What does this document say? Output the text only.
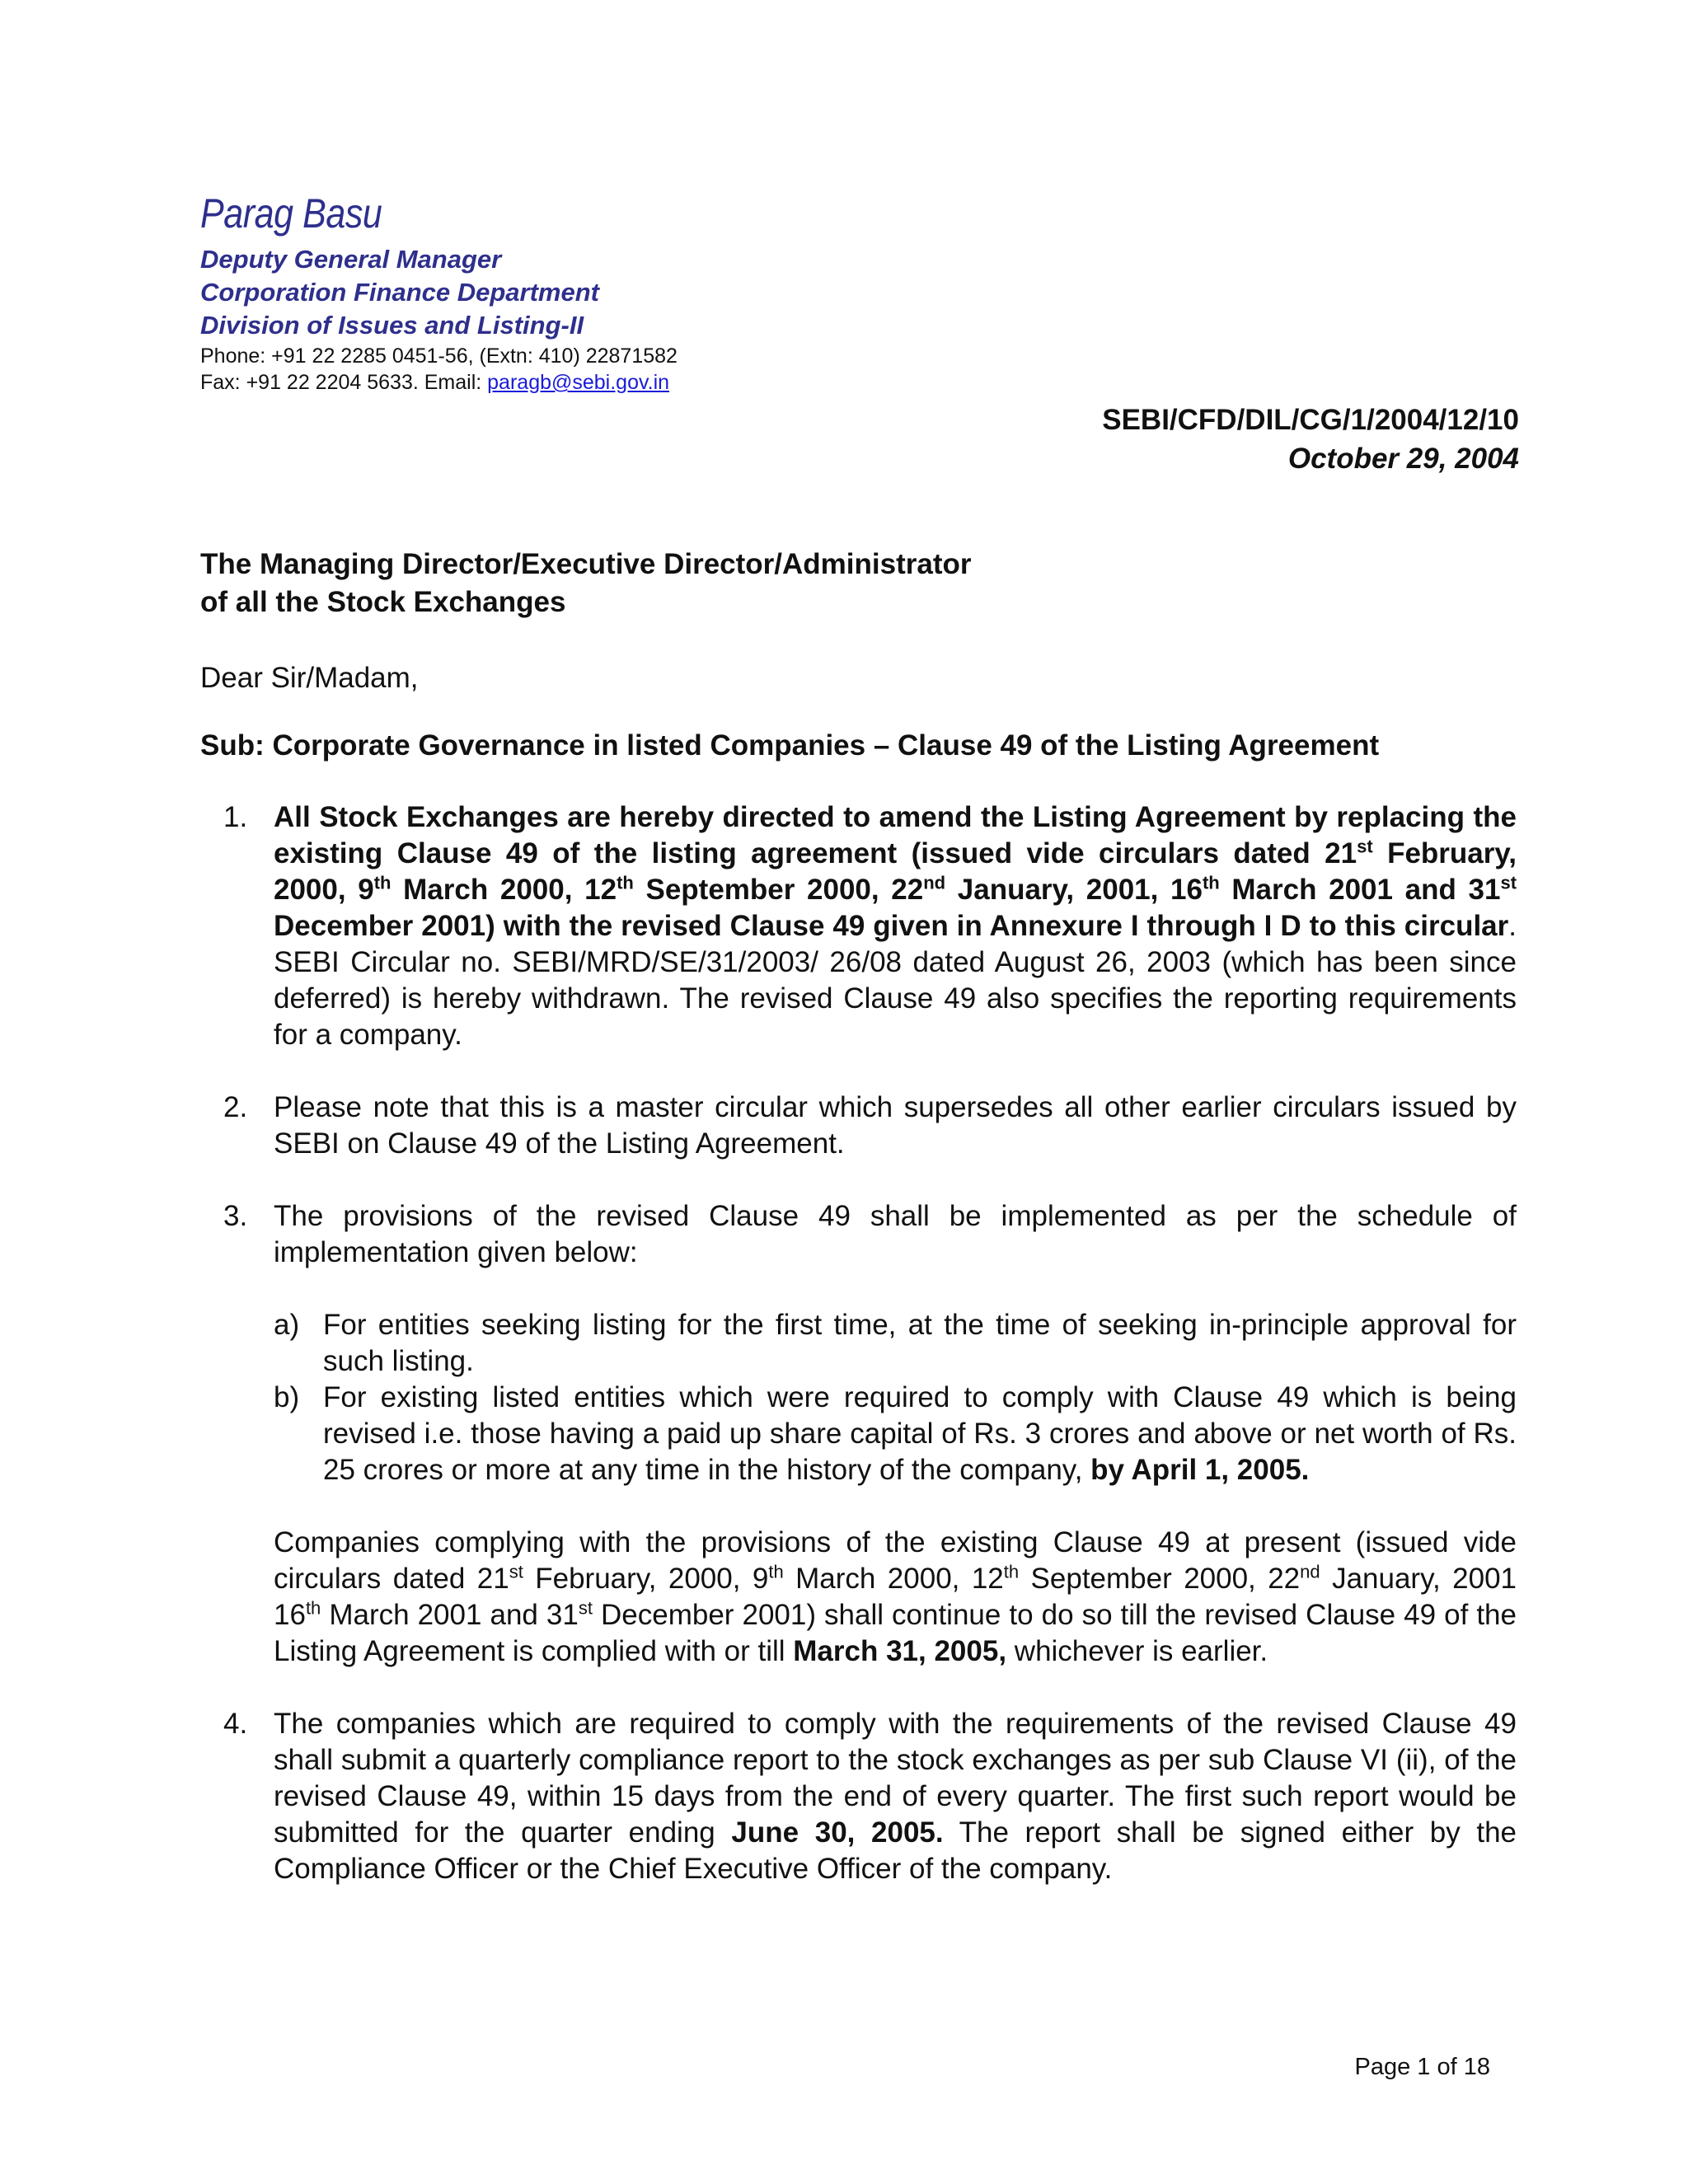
Parag Basu
Deputy General Manager
Corporation Finance Department
Division of Issues and Listing-II
Phone: +91 22 2285 0451-56, (Extn: 410) 22871582
Fax: +91 22 2204 5633. Email: paragb@sebi.gov.in
SEBI/CFD/DIL/CG/1/2004/12/10
October 29, 2004
The Managing Director/Executive Director/Administrator
of all the Stock Exchanges
Dear Sir/Madam,
Sub: Corporate Governance in listed Companies – Clause 49 of the Listing Agreement
1. All Stock Exchanges are hereby directed to amend the Listing Agreement by replacing the existing Clause 49 of the listing agreement (issued vide circulars dated 21st February, 2000, 9th March 2000, 12th September 2000, 22nd January, 2001, 16th March 2001 and 31st December 2001) with the revised Clause 49 given in Annexure I through I D to this circular. SEBI Circular no. SEBI/MRD/SE/31/2003/ 26/08 dated August 26, 2003 (which has been since deferred) is hereby withdrawn. The revised Clause 49 also specifies the reporting requirements for a company.
2. Please note that this is a master circular which supersedes all other earlier circulars issued by SEBI on Clause 49 of the Listing Agreement.
3. The provisions of the revised Clause 49 shall be implemented as per the schedule of implementation given below:
a) For entities seeking listing for the first time, at the time of seeking in-principle approval for such listing.
b) For existing listed entities which were required to comply with Clause 49 which is being revised i.e. those having a paid up share capital of Rs. 3 crores and above or net worth of Rs. 25 crores or more at any time in the history of the company, by April 1, 2005.
Companies complying with the provisions of the existing Clause 49 at present (issued vide circulars dated 21st February, 2000, 9th March 2000, 12th September 2000, 22nd January, 2001 16th March 2001 and 31st December 2001) shall continue to do so till the revised Clause 49 of the Listing Agreement is complied with or till March 31, 2005, whichever is earlier.
4. The companies which are required to comply with the requirements of the revised Clause 49 shall submit a quarterly compliance report to the stock exchanges as per sub Clause VI (ii), of the revised Clause 49, within 15 days from the end of every quarter. The first such report would be submitted for the quarter ending June 30, 2005. The report shall be signed either by the Compliance Officer or the Chief Executive Officer of the company.
Page 1 of 18
